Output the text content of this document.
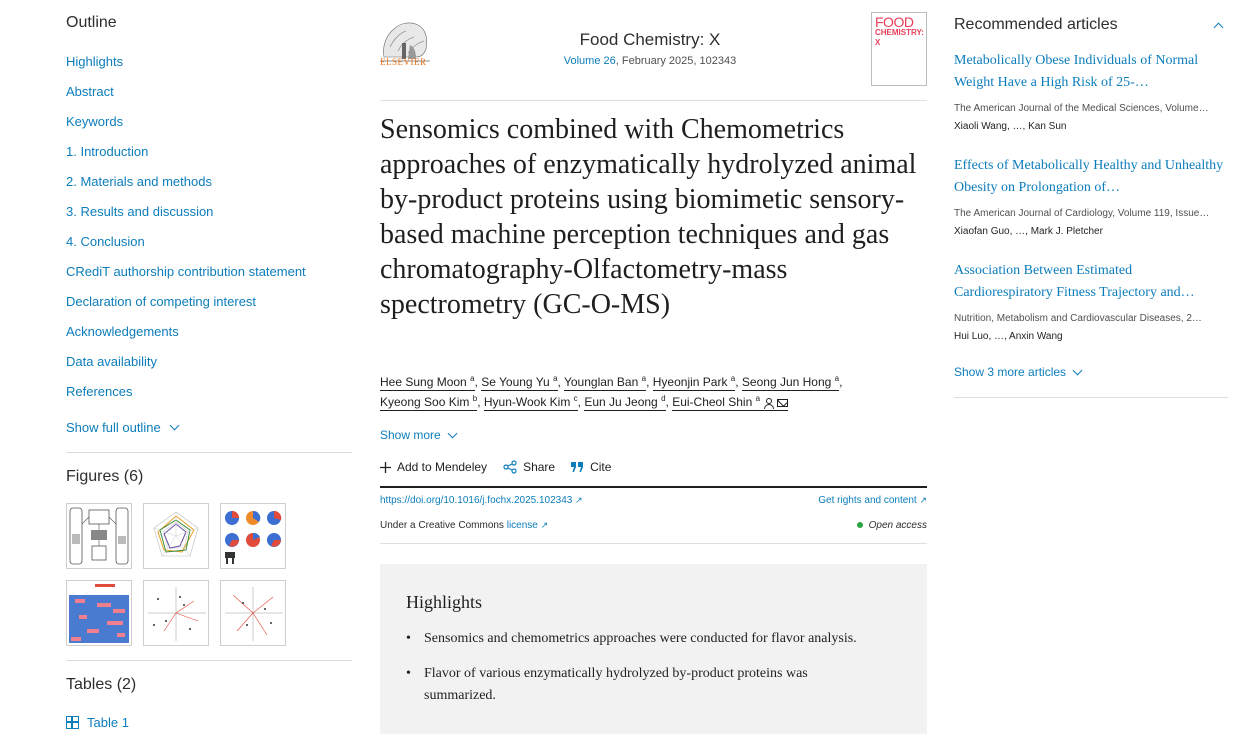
Outline
Highlights
Abstract
Keywords
1. Introduction
2. Materials and methods
3. Results and discussion
4. Conclusion
CRediT authorship contribution statement
Declaration of competing interest
Acknowledgements
Data availability
References
Show full outline
Figures (6)
Tables (2)
Table 1
ELSEVIER
Food Chemistry: X
Volume 26, February 2025, 102343
FOOD
CHEMISTRY: X
Sensomics combined with Chemometrics approaches of enzymatically hydrolyzed animal by-product proteins using biomimetic sensory-based machine perception techniques and gas chromatography-Olfactometry-mass spectrometry (GC-O-MS)
Hee Sung Moon $^a$, Se Young Yu $^a$, Younglan Ban $^a$, Hyeonjin Park $^a$, Seong Jun Hong $^a$,
Kyeong Soo Kim $^b$, Hyun-Wook Kim $^c$, Eun Ju Jeong $^d$, Eui-Cheol Shin $^a$
Show more
Add to Mendeley	Share	Cite
https://doi.org/10.1016/j.fochx.2025.102343 ↗	Get rights and content ↗
Under a Creative Commons license ↗	Open access
Highlights
• Sensomics and chemometrics approaches were conducted for flavor analysis.
• Flavor of various enzymatically hydrolyzed by-product proteins was summarized.
Recommended articles
Metabolically Obese Individuals of Normal Weight Have a High Risk of 25-…
The American Journal of the Medical Sciences, Volume…
Xiaoli Wang, …, Kan Sun
Effects of Metabolically Healthy and Unhealthy Obesity on Prolongation of…
The American Journal of Cardiology, Volume 119, Issue…
Xiaofan Guo, …, Mark J. Pletcher
Association Between Estimated Cardiorespiratory Fitness Trajectory and…
Nutrition, Metabolism and Cardiovascular Diseases, 2…
Hui Luo, …, Anxin Wang
Show 3 more articles
